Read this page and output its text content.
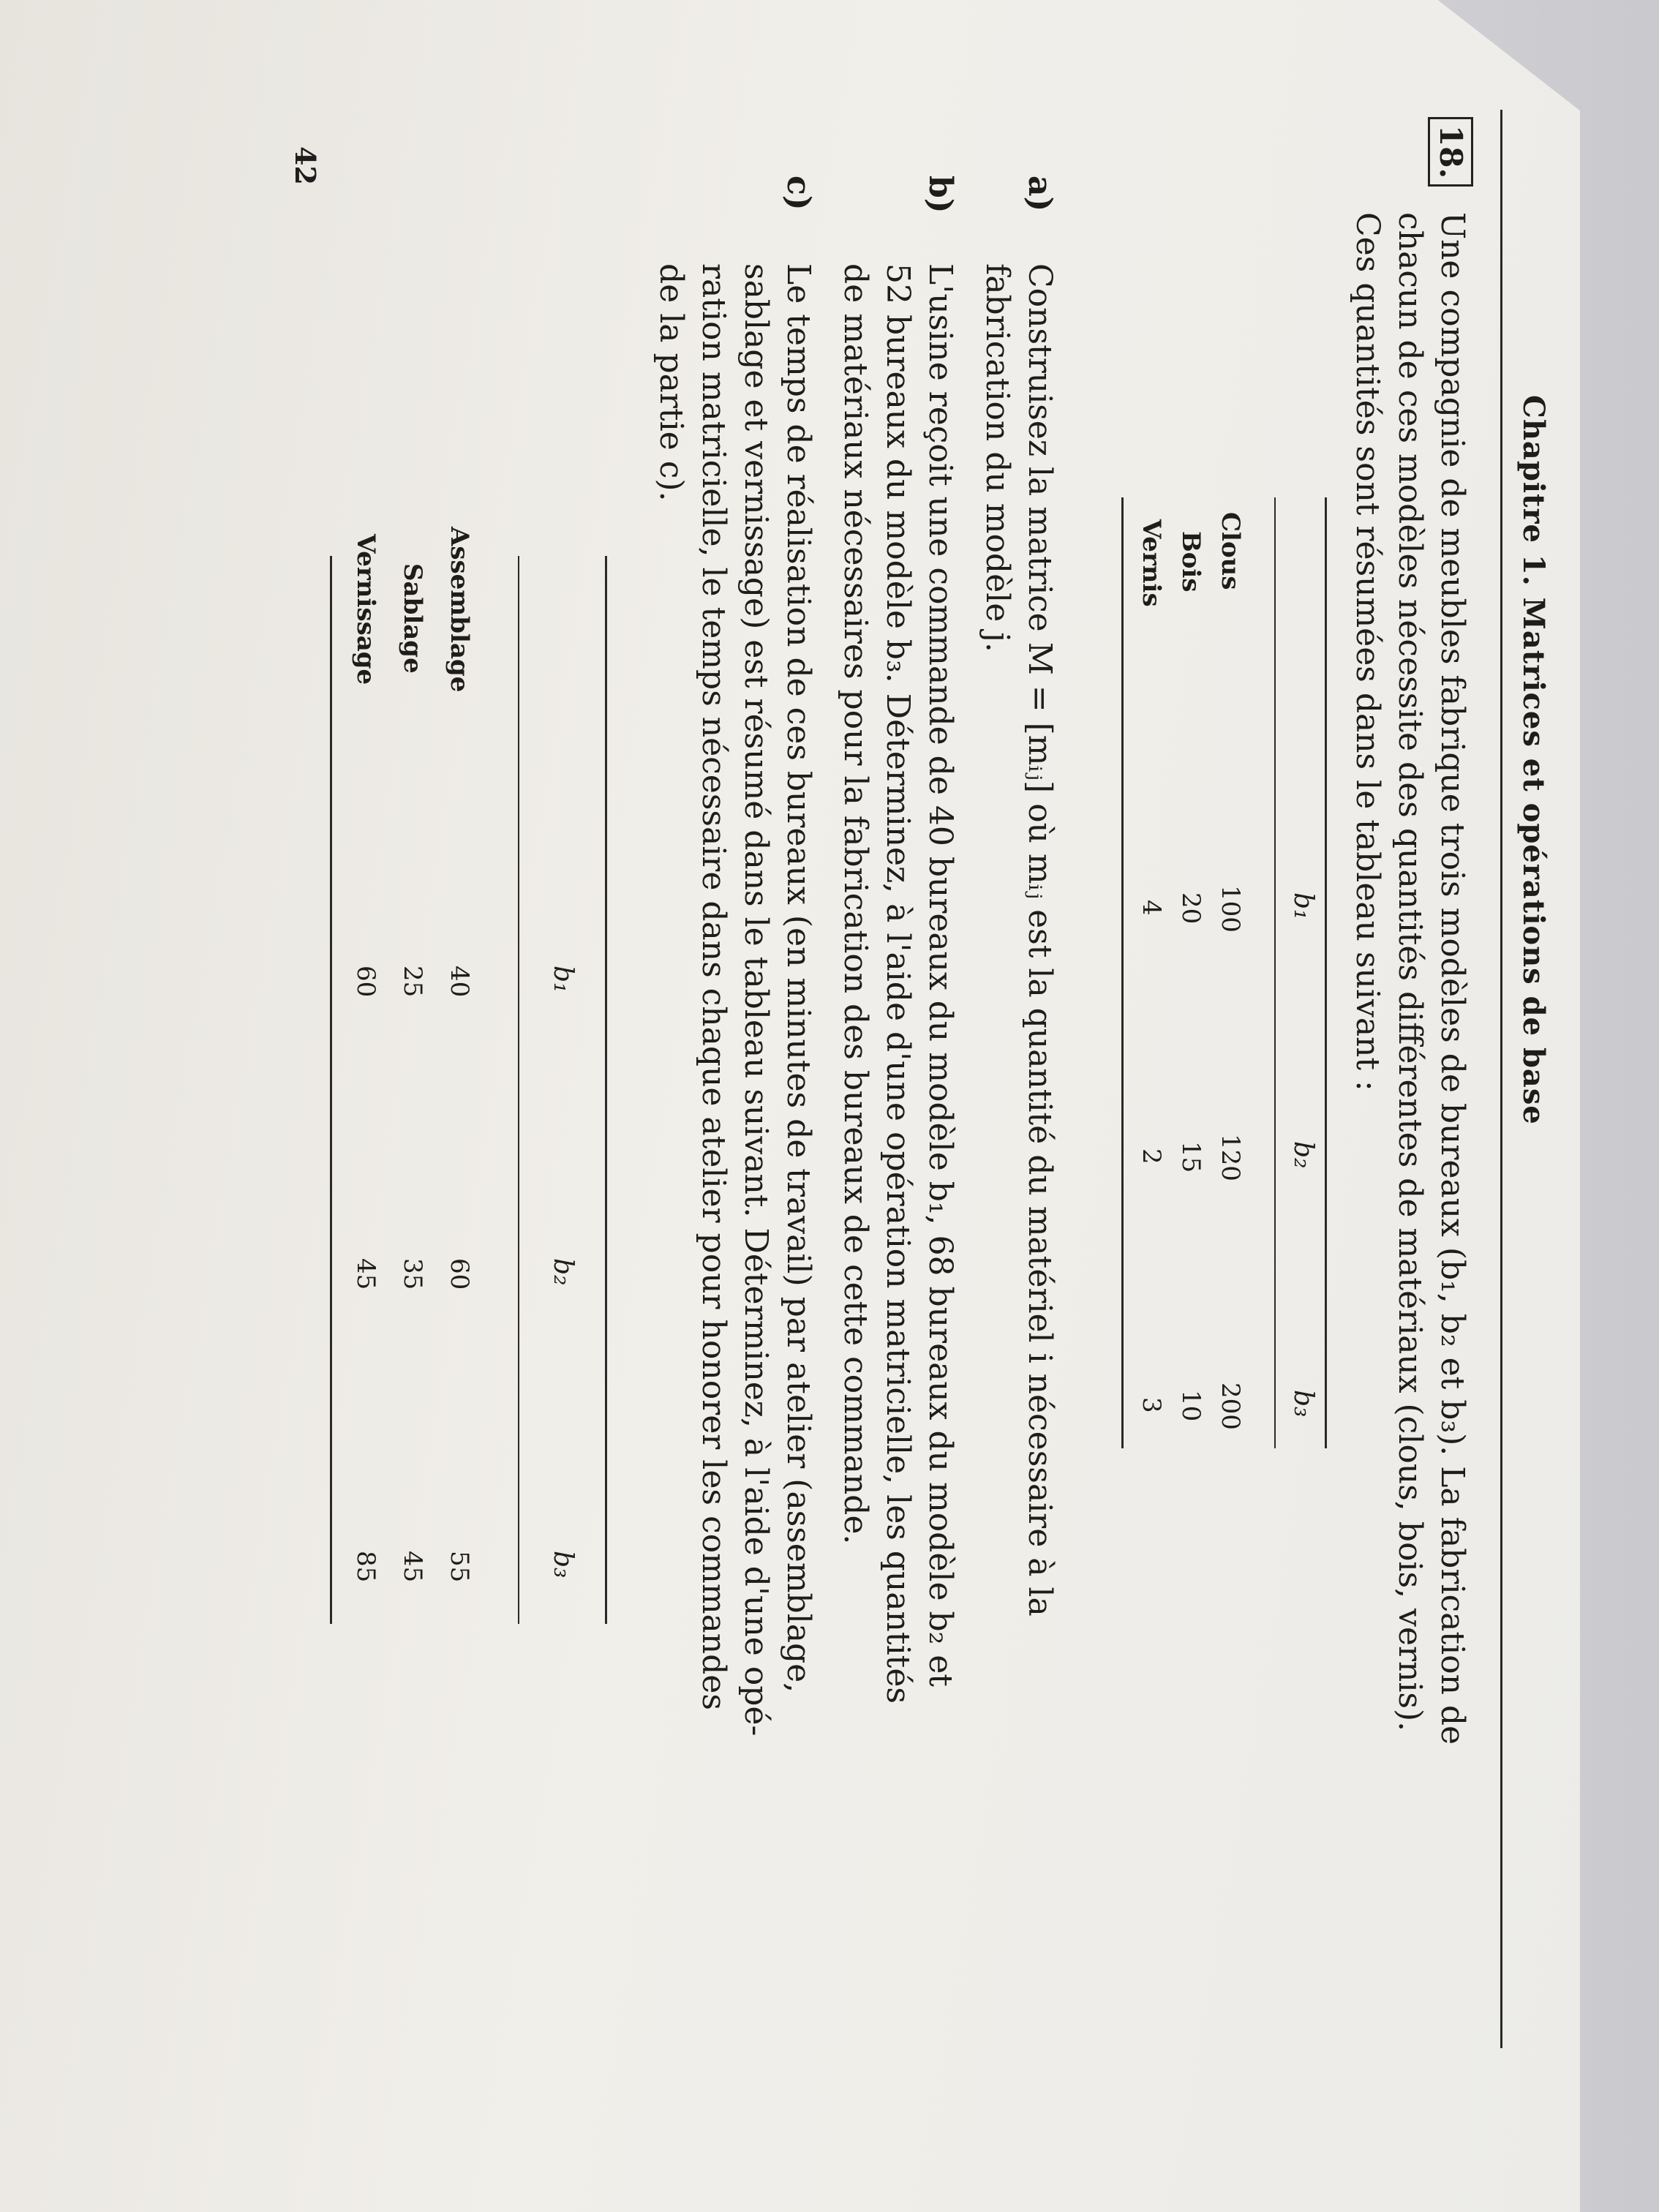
42
Chapitre 1. Matrices et opérations de base
18.
Une compagnie de meubles fabrique trois modèles de bureaux (b₁, b₂ et b₃). La fabrication de
chacun de ces modèles nécessite des quantités différentes de matériaux (clous, bois, vernis).
Ces quantités sont résumées dans le tableau suivant :
b₁
b₂
b₃
Clous
100
120
200
Bois
20
15
10
Vernis
4
2
3
a)
Construisez la matrice M = [mᵢⱼ] où mᵢⱼ est la quantité du matériel i nécessaire à la
fabrication du modèle j.
b)
L'usine reçoit une commande de 40 bureaux du modèle b₁, 68 bureaux du modèle b₂ et
52 bureaux du modèle b₃. Déterminez, à l'aide d'une opération matricielle, les quantités
de matériaux nécessaires pour la fabrication des bureaux de cette commande.
c)
Le temps de réalisation de ces bureaux (en minutes de travail) par atelier (assemblage,
sablage et vernissage) est résumé dans le tableau suivant. Déterminez, à l'aide d'une opé-
ration matricielle, le temps nécessaire dans chaque atelier pour honorer les commandes
de la partie c).
b₁
b₂
b₃
Assemblage
40
60
55
Sablage
25
35
45
Vernissage
60
45
85
